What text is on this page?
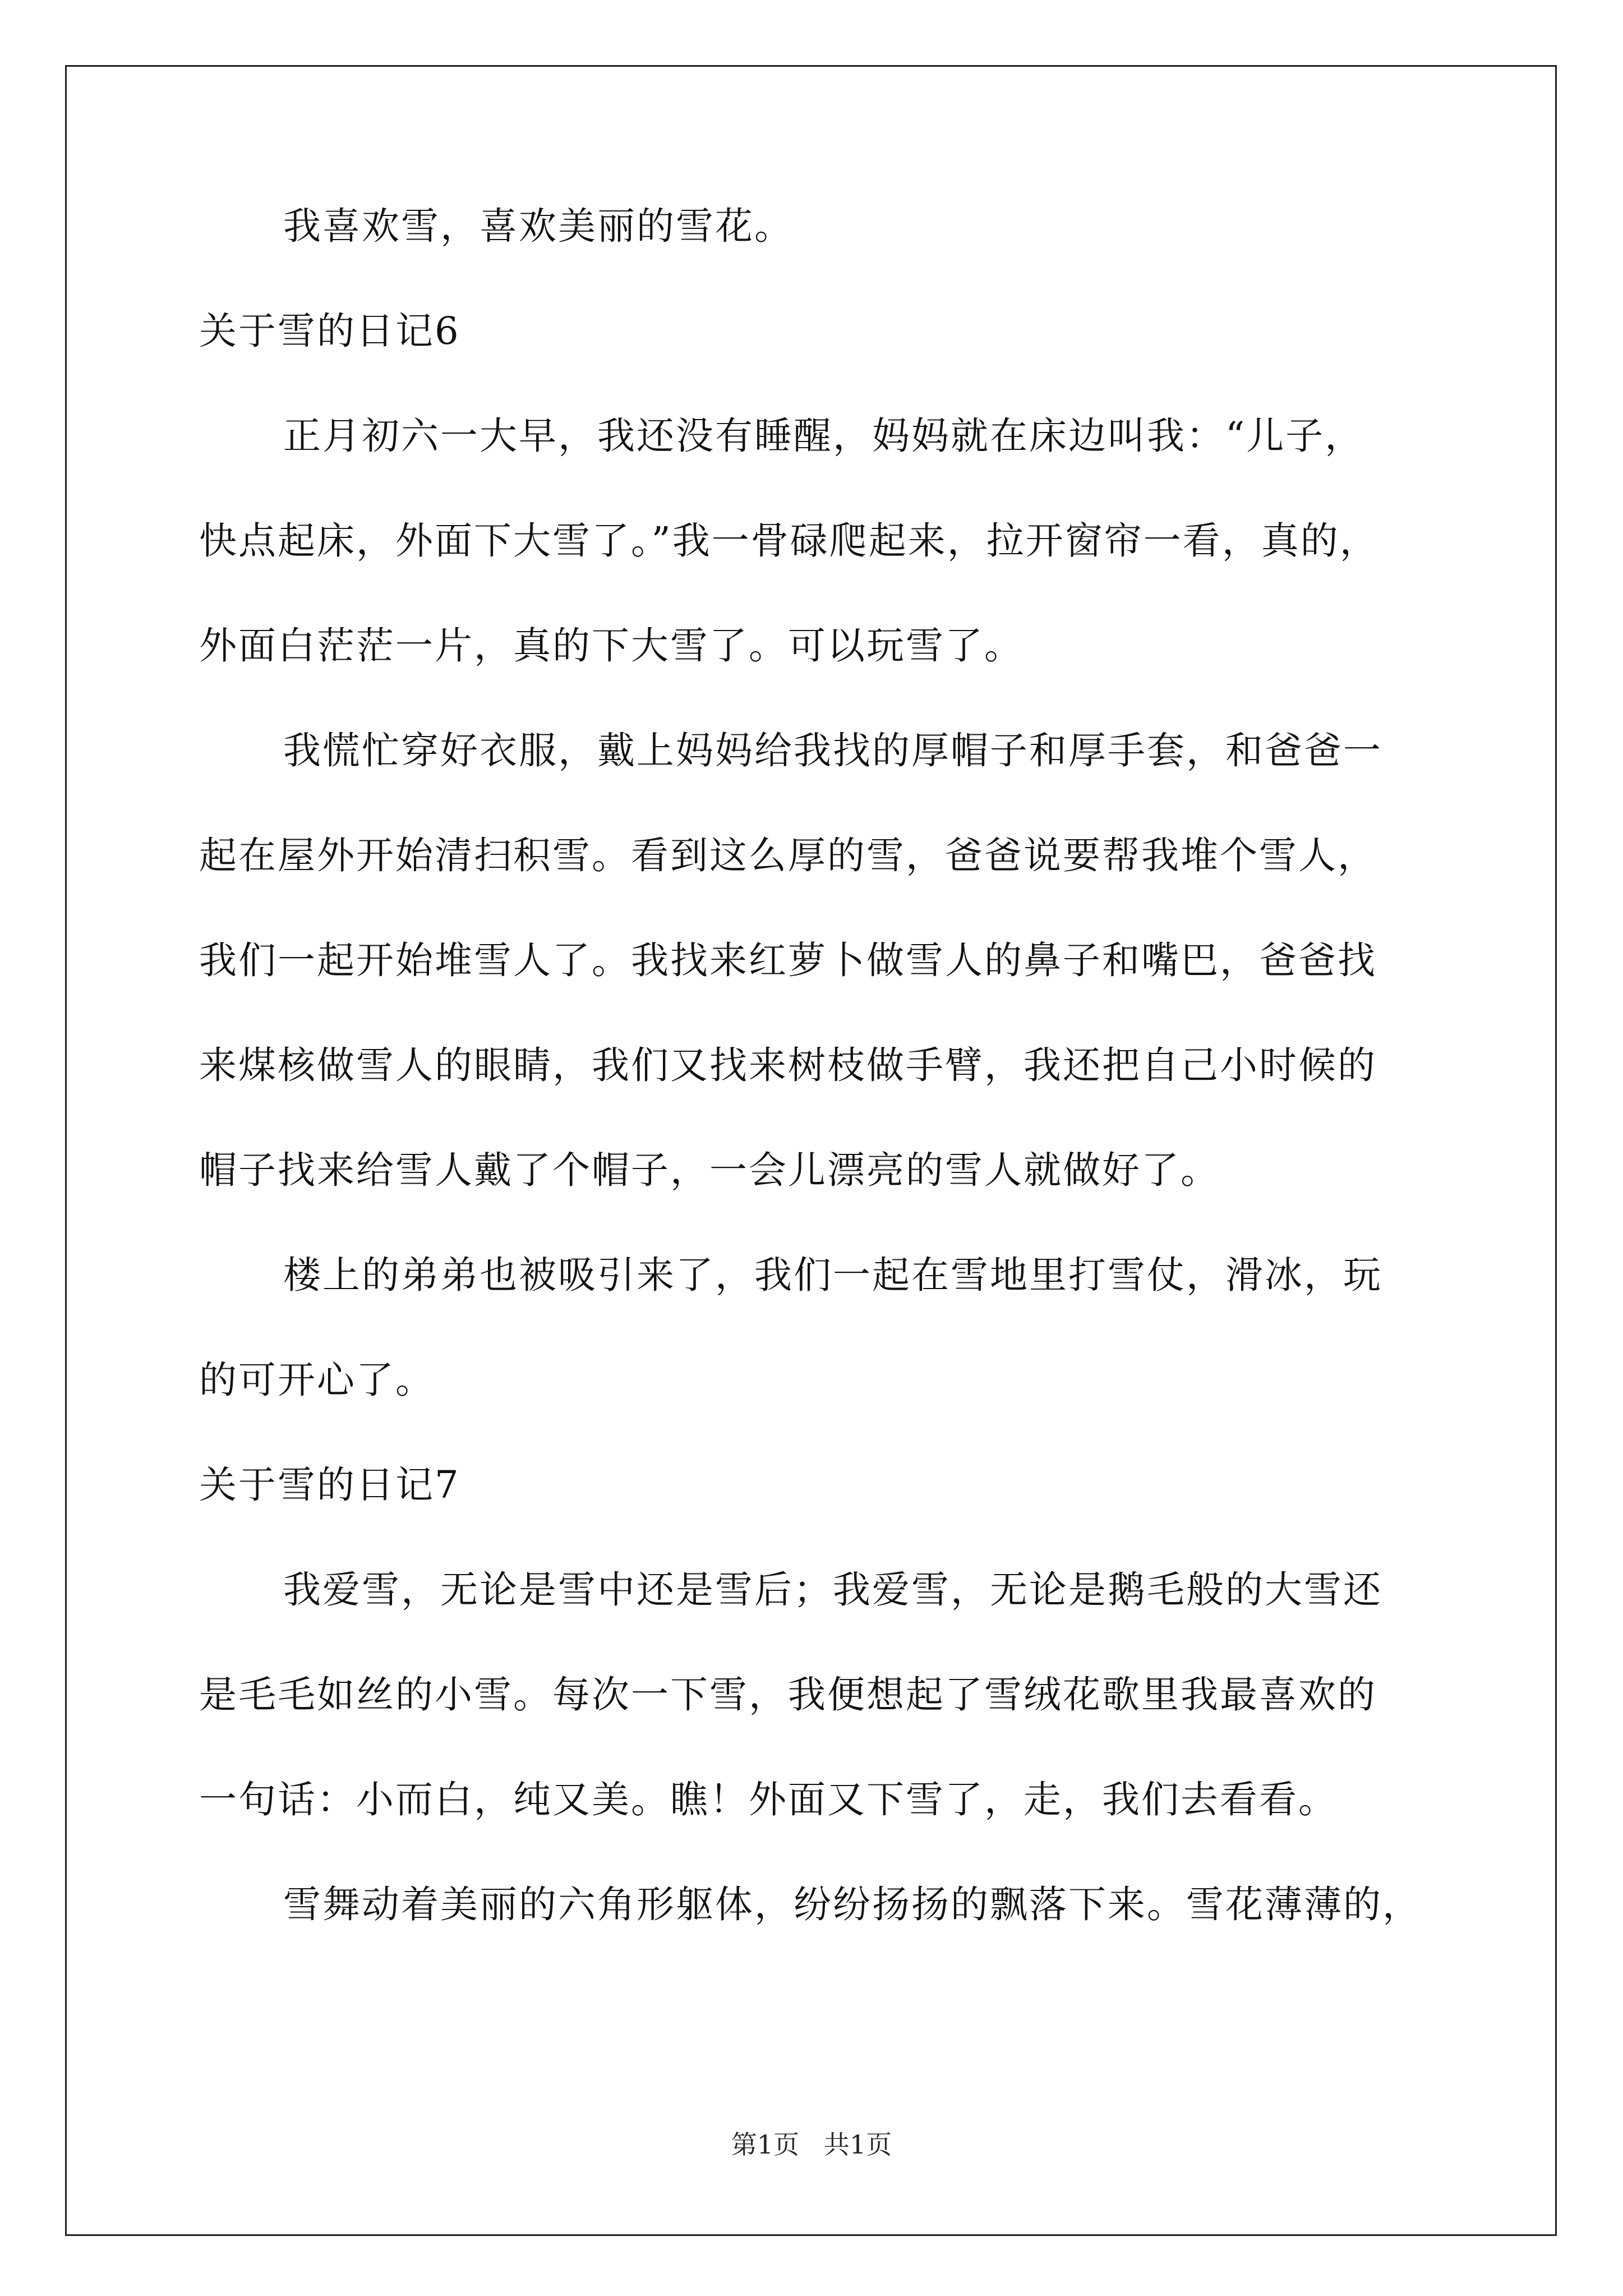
我喜欢雪，喜欢美丽的雪花。
关于雪的日记6
正月初六一大早，我还没有睡醒，妈妈就在床边叫我：“儿子，
快点起床，外面下大雪了。”我一骨碌爬起来，拉开窗帘一看，真的，
外面白茫茫一片，真的下大雪了。可以玩雪了。
我慌忙穿好衣服，戴上妈妈给我找的厚帽子和厚手套，和爸爸一
起在屋外开始清扫积雪。看到这么厚的雪，爸爸说要帮我堆个雪人，
我们一起开始堆雪人了。我找来红萝卜做雪人的鼻子和嘴巴，爸爸找
来煤核做雪人的眼睛，我们又找来树枝做手臂，我还把自己小时候的
帽子找来给雪人戴了个帽子，一会儿漂亮的雪人就做好了。
楼上的弟弟也被吸引来了，我们一起在雪地里打雪仗，滑冰，玩
的可开心了。
关于雪的日记7
我爱雪，无论是雪中还是雪后；我爱雪，无论是鹅毛般的大雪还
是毛毛如丝的小雪。每次一下雪，我便想起了雪绒花歌里我最喜欢的
一句话：小而白，纯又美。瞧！外面又下雪了，走，我们去看看。
雪舞动着美丽的六角形躯体，纷纷扬扬的飘落下来。雪花薄薄的，
第1页   共1页
